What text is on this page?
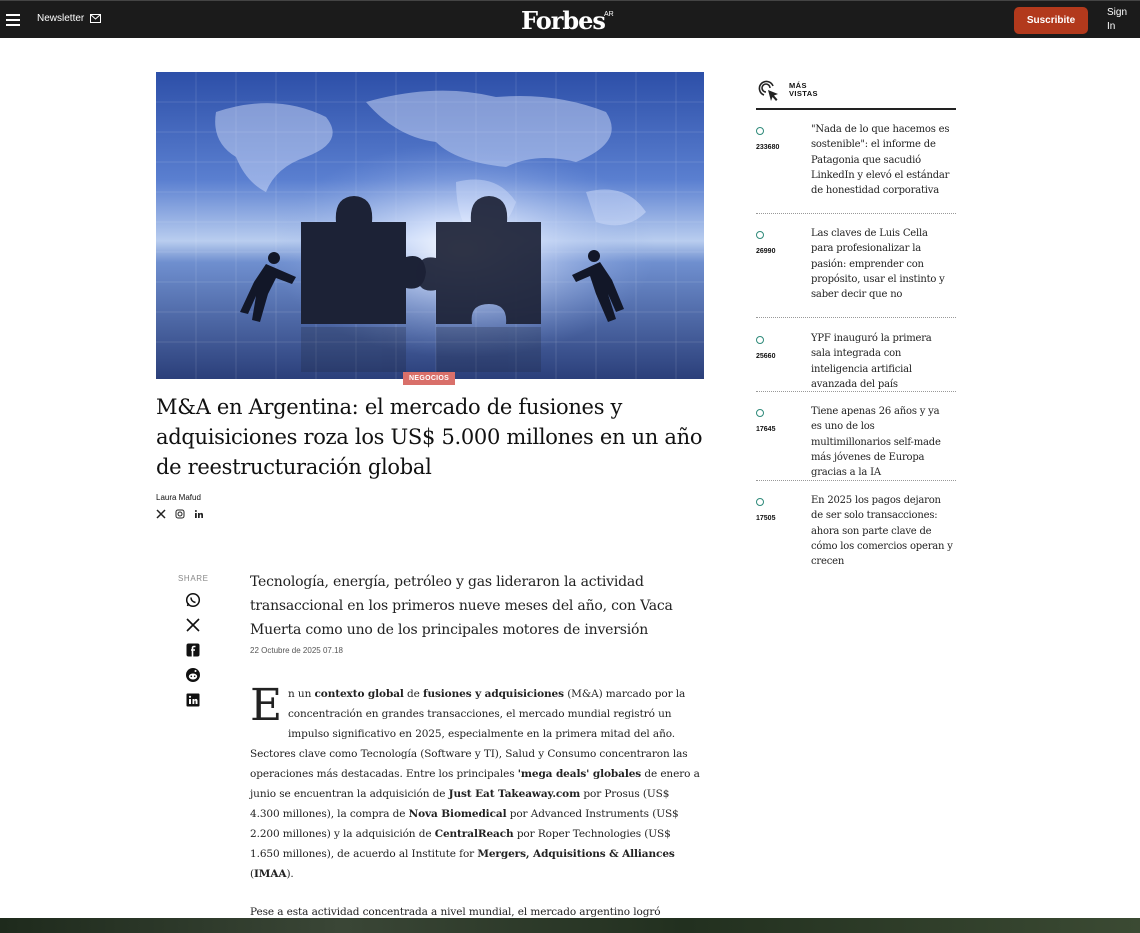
Newsletter	Forbes AR
Suscribite
Sign In
NEGOCIOS
M&A en Argentina: el mercado de fusiones y adquisiciones roza los US$ 5.000 millones en un año de reestructuración global
Laura Mafud
SHARE	Tecnología, energía, petróleo y gas lideraron la actividad transaccional en los primeros nueve meses del año, con Vaca Muerta como uno de los principales motores de inversión
22 Octubre de 2025 07.18

En un contexto global de fusiones y adquisiciones (M&A) marcado por la concentración en grandes transacciones, el mercado mundial registró un impulso significativo en 2025, especialmente en la primera mitad del año. Sectores clave como Tecnología (Software y TI), Salud y Consumo concentraron las operaciones más destacadas. Entre los principales 'mega deals' globales de enero a junio se encuentran la adquisición de Just Eat Takeaway.com por Prosus (US$ 4.300 millones), la compra de Nova Biomedical por Advanced Instruments (US$ 2.200 millones) y la adquisición de CentralReach por Roper Technologies (US$ 1.650 millones), de acuerdo al Institute for Mergers, Adquisitions & Alliances (IMAA).

Pese a esta actividad concentrada a nivel mundial, el mercado argentino logró
MÁS
VISTAS
233680
"Nada de lo que hacemos es sostenible": el informe de Patagonia que sacudió LinkedIn y elevó el estándar de honestidad corporativa
26990
Las claves de Luis Cella para profesionalizar la pasión: emprender con propósito, usar el instinto y saber decir que no
25660
YPF inauguró la primera sala integrada con inteligencia artificial avanzada del país
17645
Tiene apenas 26 años y ya es uno de los multimillonarios self-made más jóvenes de Europa gracias a la IA
17505
En 2025 los pagos dejaron de ser solo transacciones: ahora son parte clave de cómo los comercios operan y crecen
